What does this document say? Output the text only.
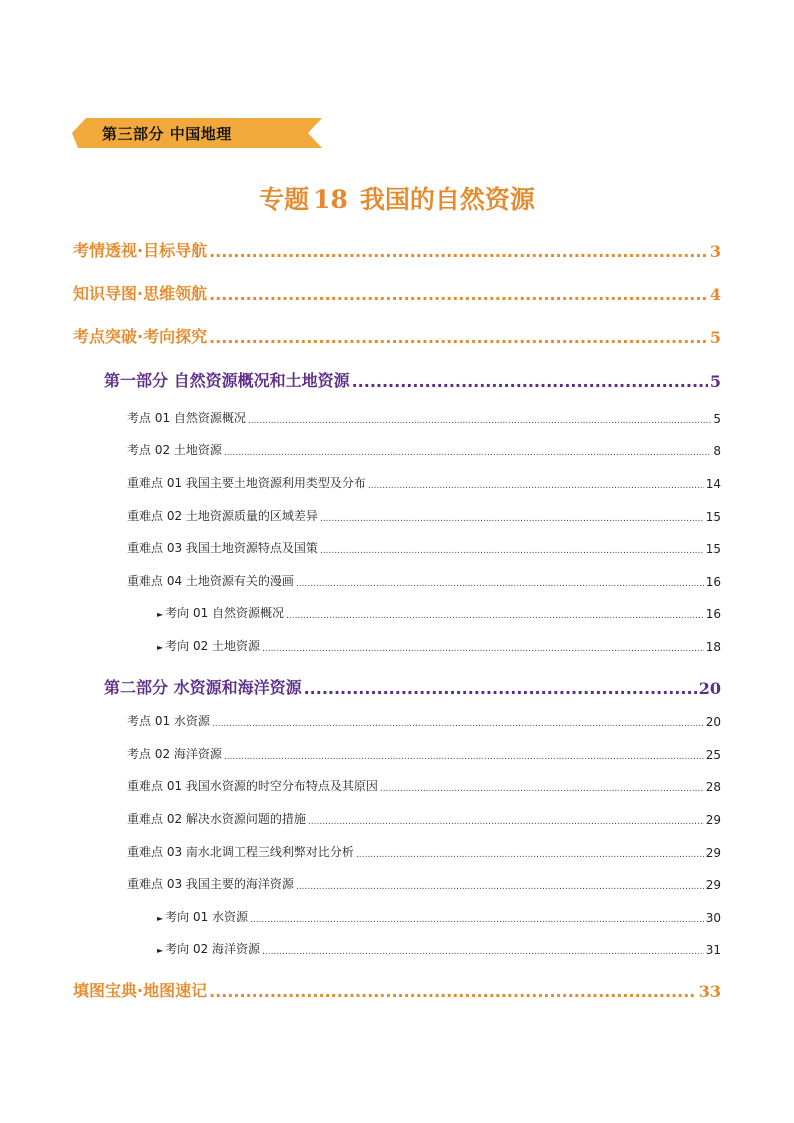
第三部分 中国地理
专题 18 我国的自然资源
考情透视·目标导航 .....	3
知识导图·思维领航 .....	4
考点突破·考向探究 .....	5
第一部分 自然资源概况和土地资源 .....	5
考点 01 自然资源概况 .....	5
考点 02 土地资源 .....	8
重难点 01 我国主要土地资源利用类型及分布 .....	14
重难点 02 土地资源质量的区域差异 .....	15
重难点 03 我国土地资源特点及国策 .....	15
重难点 04 土地资源有关的漫画 .....	16
► 考向 01 自然资源概况 .....	16
► 考向 02 土地资源 .....	18
第二部分 水资源和海洋资源 .....	20
考点 01 水资源 .....	20
考点 02 海洋资源 .....	25
重难点 01 我国水资源的时空分布特点及其原因 .....	28
重难点 02 解决水资源问题的措施 .....	29
重难点 03 南水北调工程三线利弊对比分析 .....	29
重难点 03 我国主要的海洋资源 .....	29
► 考向 01 水资源 .....	30
► 考向 02 海洋资源 .....	31
填图宝典·地图速记 .....	33
